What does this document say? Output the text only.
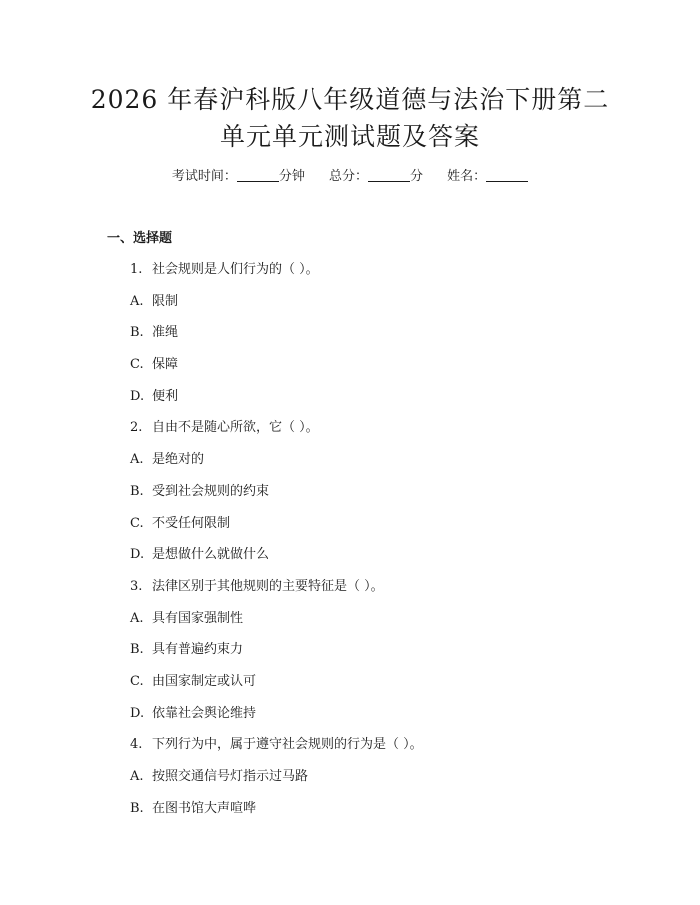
2026 年春沪科版八年级道德与法治下册第二
单元单元测试题及答案
考试时间：	分钟 总分：	分 姓名：
一、选择题
1. 社会规则是人们行为的（ ）。
A. 限制
B. 准绳
C. 保障
D. 便利
2. 自由不是随心所欲，它（ ）。
A. 是绝对的
B. 受到社会规则的约束
C. 不受任何限制
D. 是想做什么就做什么
3. 法律区别于其他规则的主要特征是（ ）。
A. 具有国家强制性
B. 具有普遍约束力
C. 由国家制定或认可
D. 依靠社会舆论维持
4. 下列行为中，属于遵守社会规则的行为是（ ）。
A. 按照交通信号灯指示过马路
B. 在图书馆大声喧哗
